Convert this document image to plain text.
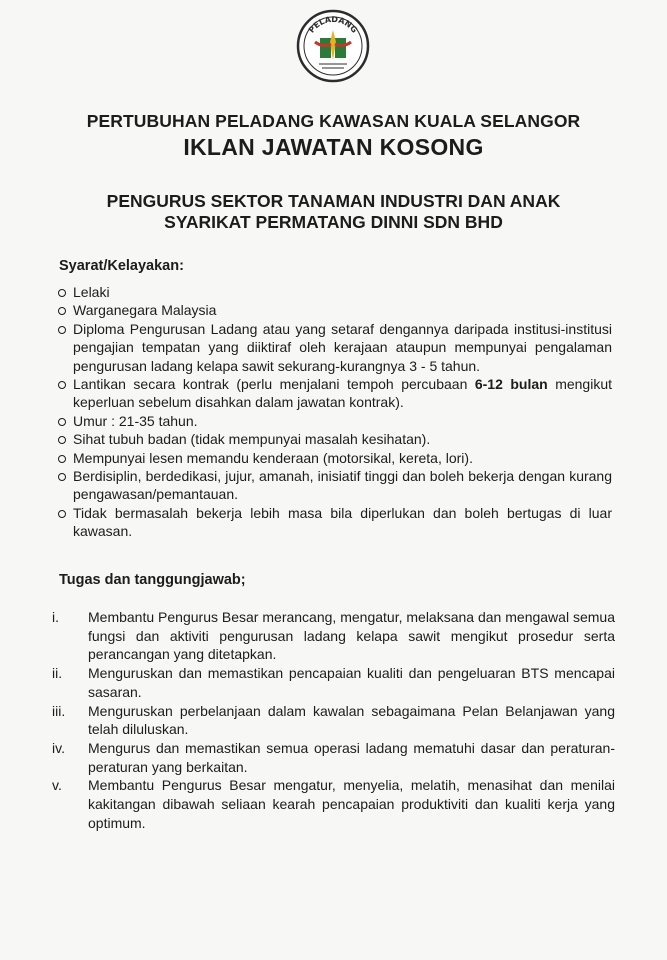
PELADANG
PERTUBUHAN PELADANG KAWASAN KUALA SELANGOR
IKLAN JAWATAN KOSONG
PENGURUS SEKTOR TANAMAN INDUSTRI DAN ANAK
SYARIKAT PERMATANG DINNI SDN BHD
Syarat/Kelayakan:
Lelaki
Warganegara Malaysia
Diploma Pengurusan Ladang atau yang setaraf dengannya daripada institusi-institusi pengajian tempatan yang diiktiraf oleh kerajaan ataupun mempunyai pengalaman pengurusan ladang kelapa sawit sekurang-kurangnya 3 - 5 tahun.
Lantikan secara kontrak (perlu menjalani tempoh percubaan 6-12 bulan mengikut keperluan sebelum disahkan dalam jawatan kontrak).
Umur : 21-35 tahun.
Sihat tubuh badan (tidak mempunyai masalah kesihatan).
Mempunyai lesen memandu kenderaan (motorsikal, kereta, lori).
Berdisiplin, berdedikasi, jujur, amanah, inisiatif tinggi dan boleh bekerja dengan kurang pengawasan/pemantauan.
Tidak bermasalah bekerja lebih masa bila diperlukan dan boleh bertugas di luar kawasan.
Tugas dan tanggungjawab;
i.	Membantu Pengurus Besar merancang, mengatur, melaksana dan mengawal semua fungsi dan aktiviti pengurusan ladang kelapa sawit mengikut prosedur serta perancangan yang ditetapkan.
ii.	Menguruskan dan memastikan pencapaian kualiti dan pengeluaran BTS mencapai sasaran.
iii.	Menguruskan perbelanjaan dalam kawalan sebagaimana Pelan Belanjawan yang telah diluluskan.
iv.	Mengurus dan memastikan semua operasi ladang mematuhi dasar dan peraturan-peraturan yang berkaitan.
v.	Membantu Pengurus Besar mengatur, menyelia, melatih, menasihat dan menilai kakitangan dibawah seliaan kearah pencapaian produktiviti dan kualiti kerja yang optimum.
